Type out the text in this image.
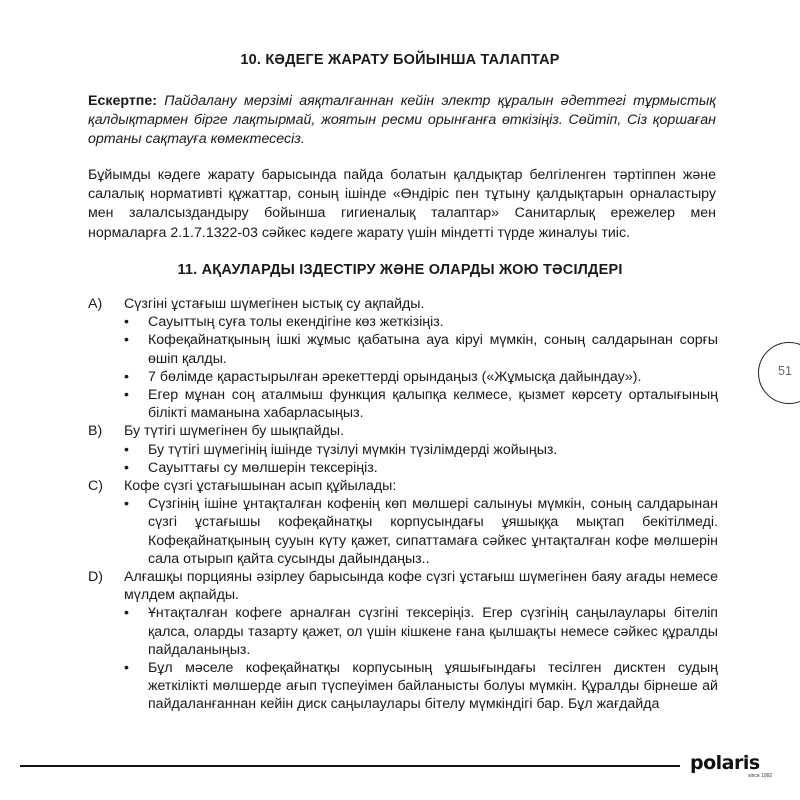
10. КӘДЕГЕ ЖАРАТУ БОЙЫНША ТАЛАПТАР
Ескертпе: Пайдалану мерзімі аяқталғаннан кейін электр құралын әдеттегі тұрмыстық қалдықтармен бірге лақтырмай, жоятын ресми орынғанға өткізіңіз. Сөйтіп, Сіз қоршаған ортаны сақтауға көмектесесіз.
Бұйымды кәдеге жарату барысында пайда болатын қалдықтар белгіленген тәртіппен және салалық нормативті құжаттар, соның ішінде «Өндіріс пен тұтыну қалдықтарын орналастыру мен залалсыздандыру бойынша гигиеналық талаптар» Санитарлық ережелер мен нормаларға 2.1.7.1322-03 сәйкес кәдеге жарату үшін міндетті түрде жиналуы тиіс.
11. АҚАУЛАРДЫ ІЗДЕСТІРУ ЖӘНЕ ОЛАРДЫ ЖОЮ ТӘСІЛДЕРІ
A) Сүзгіні ұстағыш шүмегінен ыстық су ақпайды.
• Сауыттың суға толы екендігіне көз жеткізіңіз.
• Кофеқайнатқының ішкі жұмыс қабатына ауа кіруі мүмкін, соның салдарынан сорғы өшіп қалды.
• 7 бөлімде қарастырылған әрекеттерді орындаңыз («Жұмысқа дайындау»).
• Егер мұнан соң аталмыш функция қалыпқа келмесе, қызмет көрсету орталығының білікті маманына хабарласыңыз.
B) Бу түтігі шүмегінен бу шықпайды.
• Бу түтігі шүмегінің ішінде түзілуі мүмкін түзілімдерді жойыңыз.
• Сауыттағы су мөлшерін тексеріңіз.
C) Кофе сүзгі ұстағышынан асып құйылады:
• Сүзгінің ішіне ұнтақталған кофенің көп мөлшері салынуы мүмкін, соның салдарынан сүзгі ұстағышы кофеқайнатқы корпусындағы ұяшыққа мықтап бекітілмеді. Кофеқайнатқының сууын күту қажет, сипаттамаға сәйкес ұнтақталған кофе мөлшерін сала отырып қайта сусынды дайындаңыз..
D) Алғашқы порцияны әзірлеу барысында кофе сүзгі ұстағыш шүмегінен баяу ағады немесе мүлдем ақпайды.
• Ұнтақталған кофеге арналған сүзгіні тексеріңіз. Егер сүзгінің саңылаулары бітеліп қалса, оларды тазарту қажет, ол үшін кішкене ғана қылшақты немесе сәйкес құралды пайдаланыңыз.
• Бұл мәселе кофеқайнатқы корпусының ұяшығындағы тесілген дисктен судың жеткілікті мөлшерде ағып түспеуімен байланысты болуы мүмкін. Құралды бірнеше ай пайдаланғаннан кейін диск саңылаулары бітелу мүмкіндігі бар. Бұл жағдайда
51
polaris
since 1992
